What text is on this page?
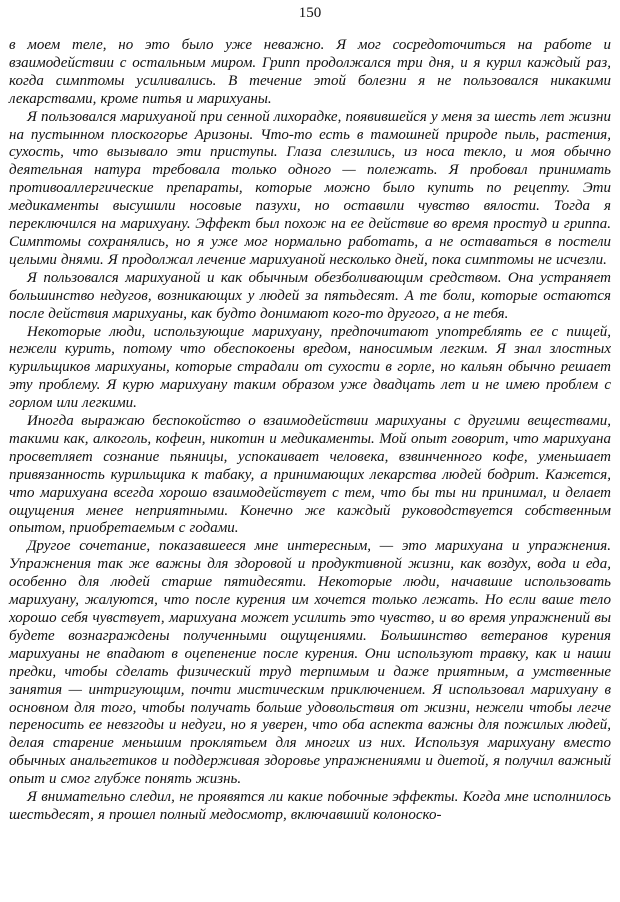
150

в моем теле, но это было уже неважно. Я мог сосредоточиться на работе и взаимодействии с остальным миром. Грипп продолжался три дня, и я курил каждый раз, когда симптомы усиливались. В течение этой болезни я не пользовался никакими лекарствами, кроме питья и марихуаны.

Я пользовался марихуаной при сенной лихорадке, появившейся у меня за шесть лет жизни на пустынном плоскогорье Аризоны. Что-то есть в тамошней природе пыль, растения, сухость, что вызывало эти приступы. Глаза слезились, из носа текло, и моя обычно деятельная натура требовала только одного — полежать. Я пробовал принимать противоаллергические препараты, которые можно было купить по рецепту. Эти медикаменты высушили носовые пазухи, но оставили чувство вялости. Тогда я переключился на марихуану. Эффект был похож на ее действие во время простуд и гриппа. Симптомы сохранялись, но я уже мог нормально работать, а не оставаться в постели целыми днями. Я продолжал лечение марихуаной несколько дней, пока симптомы не исчезли.

Я пользовался марихуаной и как обычным обезболивающим средством. Она устраняет большинство недугов, возникающих у людей за пятьдесят. А те боли, которые остаются после действия марихуаны, как будто донимают кого-то другого, а не тебя.

Некоторые люди, использующие марихуану, предпочитают употреблять ее с пищей, нежели курить, потому что обеспокоены вредом, наносимым легким. Я знал злостных курильщиков марихуаны, которые страдали от сухости в горле, но кальян обычно решает эту проблему. Я курю марихуану таким образом уже двадцать лет и не имею проблем с горлом или легкими.

Иногда выражаю беспокойство о взаимодействии марихуаны с другими веществами, такими как, алкоголь, кофеин, никотин и медикаменты. Мой опыт говорит, что марихуана просветляет сознание пьяницы, успокаивает человека, взвинченного кофе, уменьшает привязанность курильщика к табаку, а принимающих лекарства людей бодрит. Кажется, что марихуана всегда хорошо взаимодействует с тем, что бы ты ни принимал, и делает ощущения менее неприятными. Конечно же каждый руководствуется собственным опытом, приобретаемым с годами.

Другое сочетание, показавшееся мне интересным, — это марихуана и упражнения. Упражнения так же важны для здоровой и продуктивной жизни, как воздух, вода и еда, особенно для людей старше пятидесяти. Некоторые люди, начавшие использовать марихуану, жалуются, что после курения им хочется только лежать. Но если ваше тело хорошо себя чувствует, марихуана может усилить это чувство, и во время упражнений вы будете вознаграждены полученными ощущениями. Большинство ветеранов курения марихуаны не впадают в оцепенение после курения. Они используют травку, как и наши предки, чтобы сделать физический труд терпимым и даже приятным, а умственные занятия — интригующим, почти мистическим приключением. Я использовал марихуану в основном для того, чтобы получать больше удовольствия от жизни, нежели чтобы легче переносить ее невзгоды и недуги, но я уверен, что оба аспекта важны для пожилых людей, делая старение меньшим проклятьем для многих из них. Используя марихуану вместо обычных анальгетиков и поддерживая здоровье упражнениями и диетой, я получил важный опыт и смог глубже понять жизнь.

Я внимательно следил, не проявятся ли какие побочные эффекты. Когда мне исполнилось шестьдесят, я прошел полный медосмотр, включавший колоноско-
